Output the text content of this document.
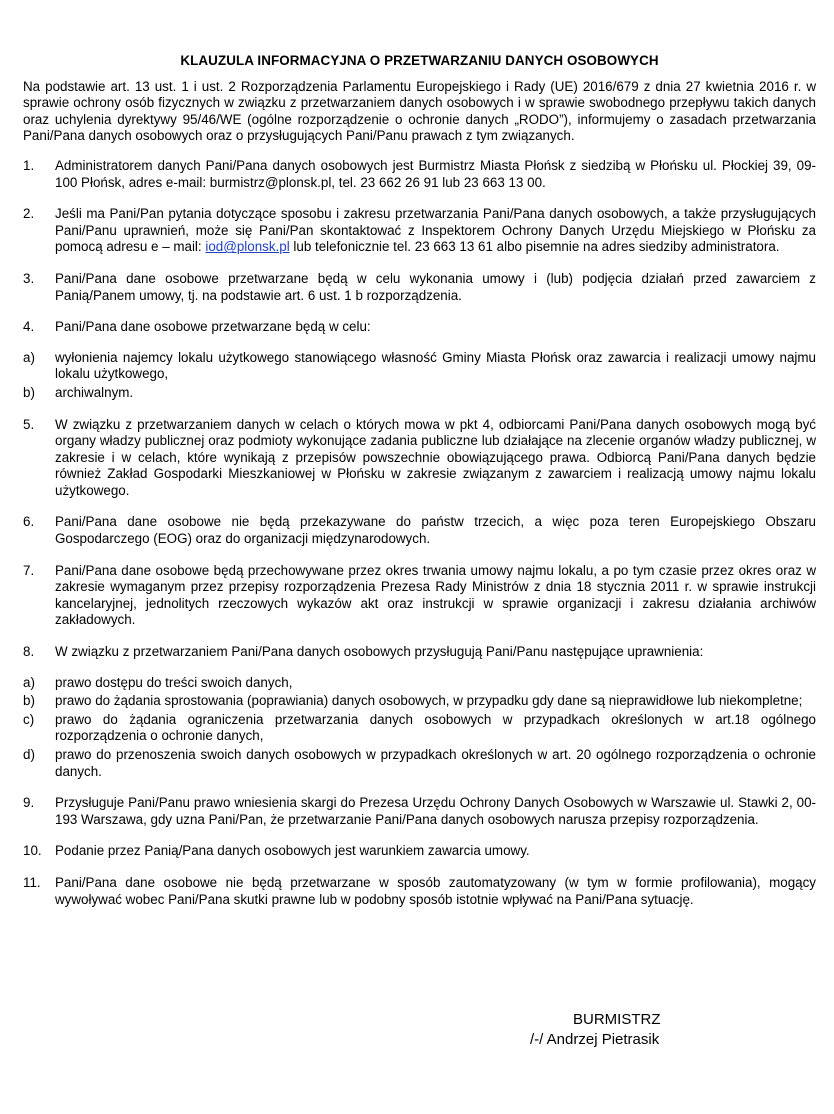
KLAUZULA INFORMACYJNA O PRZETWARZANIU DANYCH OSOBOWYCH
Na podstawie art. 13 ust. 1 i ust. 2 Rozporządzenia Parlamentu Europejskiego i Rady (UE) 2016/679 z dnia 27 kwietnia 2016 r. w sprawie ochrony osób fizycznych w związku z przetwarzaniem danych osobowych i w sprawie swobodnego przepływu takich danych oraz uchylenia dyrektywy 95/46/WE (ogólne rozporządzenie o ochronie danych „RODO”), informujemy o zasadach przetwarzania Pani/Pana danych osobowych oraz o przysługujących Pani/Panu prawach z tym związanych.
1.	Administratorem danych Pani/Pana danych osobowych jest Burmistrz Miasta Płońsk z siedzibą w Płońsku ul. Płockiej 39, 09-100 Płońsk, adres e-mail: burmistrz@plonsk.pl, tel. 23 662 26 91 lub 23 663 13 00.
2.	Jeśli ma Pani/Pan pytania dotyczące sposobu i zakresu przetwarzania Pani/Pana danych osobowych, a także przysługujących Pani/Panu uprawnień, może się Pani/Pan skontaktować z Inspektorem Ochrony Danych Urzędu Miejskiego w Płońsku za pomocą adresu e – mail: iod@plonsk.pl lub telefonicznie tel. 23 663 13 61 albo pisemnie na adres siedziby administratora.
3.	Pani/Pana dane osobowe przetwarzane będą w celu wykonania umowy i (lub) podjęcia działań przed zawarciem z Panią/Panem umowy, tj. na podstawie art. 6 ust. 1 b rozporządzenia.
4.	Pani/Pana dane osobowe przetwarzane będą w celu:
a)	wyłonienia najemcy lokalu użytkowego stanowiącego własność Gminy Miasta Płońsk oraz zawarcia i realizacji umowy najmu lokalu użytkowego,
b)	archiwalnym.
5.	W związku z przetwarzaniem danych w celach o których mowa w pkt 4, odbiorcami Pani/Pana danych osobowych mogą być organy władzy publicznej oraz podmioty wykonujące zadania publiczne lub działające na zlecenie organów władzy publicznej, w zakresie i w celach, które wynikają z przepisów powszechnie obowiązującego prawa. Odbiorcą Pani/Pana danych będzie również Zakład Gospodarki Mieszkaniowej w Płońsku w zakresie związanym z zawarciem i realizacją umowy najmu lokalu użytkowego.
6.	Pani/Pana dane osobowe nie będą przekazywane do państw trzecich, a więc poza teren Europejskiego Obszaru Gospodarczego (EOG) oraz do organizacji międzynarodowych.
7.	Pani/Pana dane osobowe będą przechowywane przez okres trwania umowy najmu lokalu, a po tym czasie przez okres oraz w zakresie wymaganym przez przepisy rozporządzenia Prezesa Rady Ministrów z dnia 18 stycznia 2011 r. w sprawie instrukcji kancelaryjnej, jednolitych rzeczowych wykazów akt oraz instrukcji w sprawie organizacji i zakresu działania archiwów zakładowych.
8.	W związku z przetwarzaniem Pani/Pana danych osobowych przysługują Pani/Panu następujące uprawnienia:
a)	prawo dostępu do treści swoich danych,
b)	prawo do żądania sprostowania (poprawiania) danych osobowych, w przypadku gdy dane są nieprawidłowe lub niekompletne;
c)	prawo do żądania ograniczenia przetwarzania danych osobowych w przypadkach określonych w art.18 ogólnego rozporządzenia o ochronie danych,
d)	prawo do przenoszenia swoich danych osobowych w przypadkach określonych w art. 20 ogólnego rozporządzenia o ochronie danych.
9.	Przysługuje Pani/Panu prawo wniesienia skargi do Prezesa Urzędu Ochrony Danych Osobowych w Warszawie ul. Stawki 2, 00-193 Warszawa, gdy uzna Pani/Pan, że przetwarzanie Pani/Pana danych osobowych narusza przepisy rozporządzenia.
10. Podanie przez Panią/Pana danych osobowych jest warunkiem zawarcia umowy.
11.	Pani/Pana dane osobowe nie będą przetwarzane w sposób zautomatyzowany (w tym w formie profilowania), mogący wywoływać wobec Pani/Pana skutki prawne lub w podobny sposób istotnie wpływać na Pani/Pana sytuację.
BURMISTRZ
/-/ Andrzej Pietrasik
